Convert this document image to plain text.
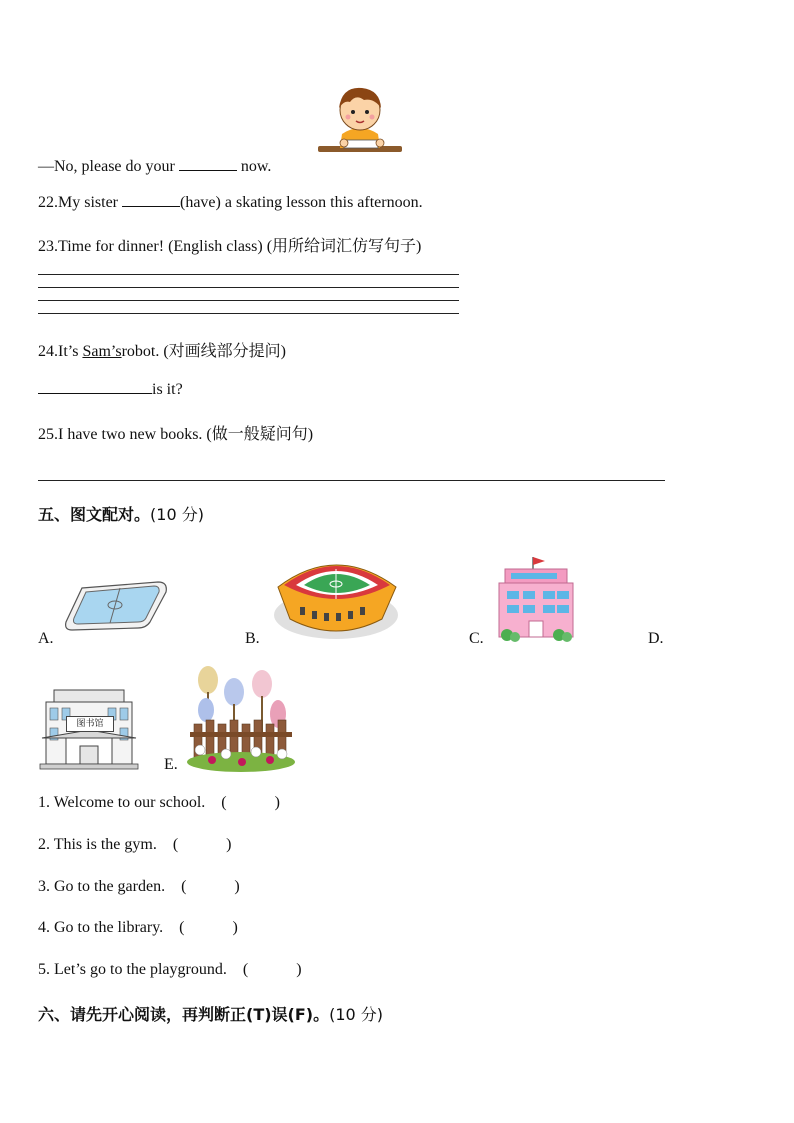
—No, please do your	now.
22.My sister	(have) a skating lesson this afternoon.
23.Time for dinner! (English class) (用所给词汇仿写句子)
24.It’s Sam’srobot. (对画线部分提问)
is it?
25.I have two new books. (做一般疑问句)
五、图文配对。(10 分)
A.	B.	C.	D.
图书馆
E.
1. Welcome to our school. (            )
2. This is the gym. (            )
3. Go to the garden. (            )
4. Go to the library. (            )
5. Let’s go to the playground. (            )
六、请先开心阅读，再判断正(T)误(F)。(10 分)
